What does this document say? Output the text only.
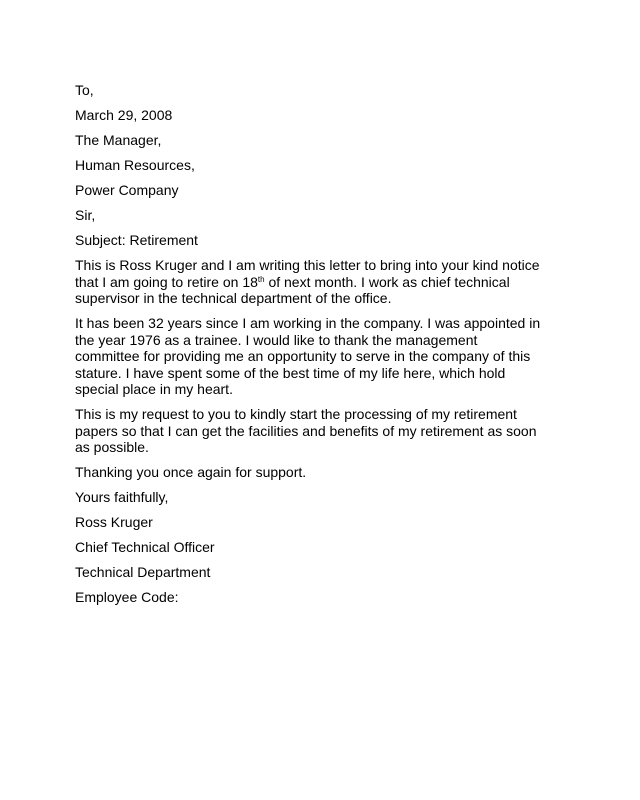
To,
March 29, 2008
The Manager,
Human Resources,
Power Company
Sir,
Subject: Retirement
This is Ross Kruger and I am writing this letter to bring into your kind notice
that I am going to retire on 18th of next month. I work as chief technical
supervisor in the technical department of the office.
It has been 32 years since I am working in the company. I was appointed in
the year 1976 as a trainee. I would like to thank the management
committee for providing me an opportunity to serve in the company of this
stature. I have spent some of the best time of my life here, which hold
special place in my heart.
This is my request to you to kindly start the processing of my retirement
papers so that I can get the facilities and benefits of my retirement as soon
as possible.
Thanking you once again for support.
Yours faithfully,
Ross Kruger
Chief Technical Officer
Technical Department
Employee Code:
